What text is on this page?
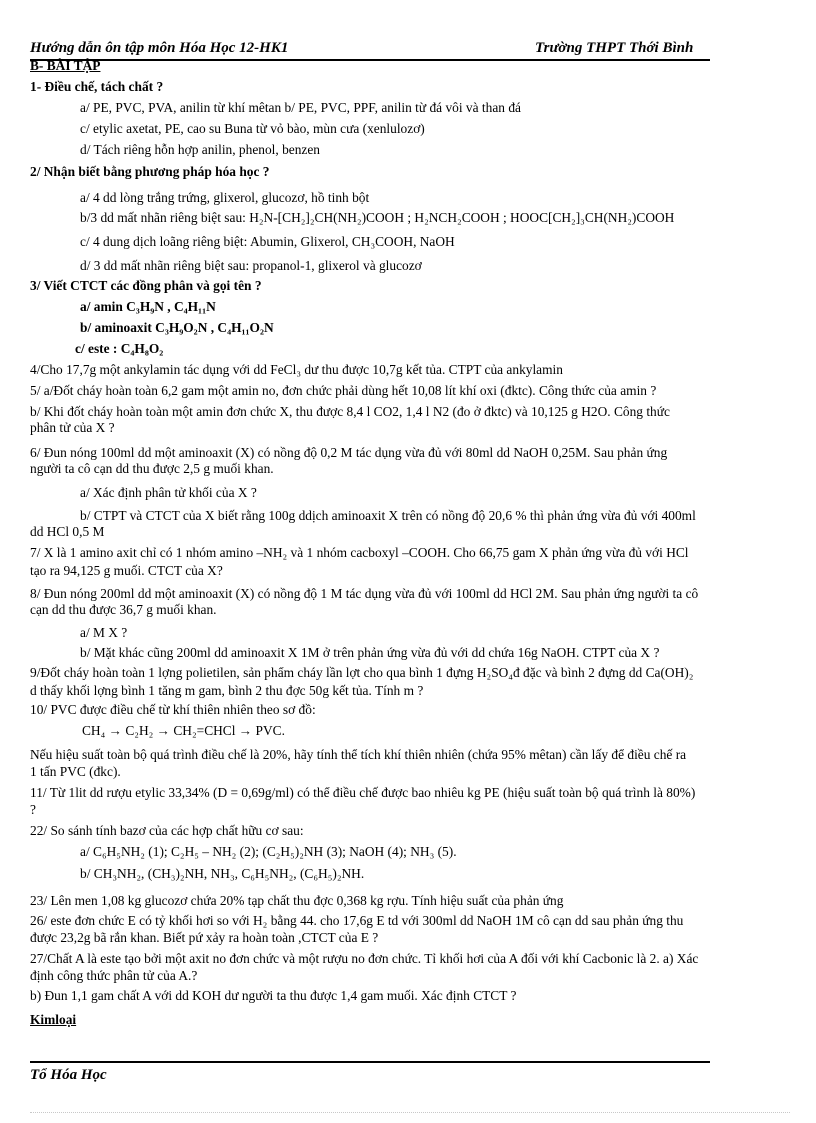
Hướng dẫn ôn tập môn Hóa Học 12-HK1	Trường THPT Thới Bình
B- BÀI TẬP
1- Điều chế, tách chất ?
a/ PE, PVC, PVA, anilin từ khí mêtan b/ PE, PVC, PPF, anilin từ đá vôi và than đá
c/ etylic axetat, PE, cao su Buna từ vỏ bào, mùn cưa (xenlulozơ)
d/ Tách riêng hỗn hợp anilin, phenol, benzen
2/ Nhận biết bằng phương pháp hóa học ?
a/ 4 dd lòng trắng trứng, glixerol, glucozơ, hồ tinh bột
b/3 dd mất nhãn riêng biệt sau: H₂N-[CH₂]₂CH(NH₂)COOH ; H₂NCH₂COOH ; HOOC[CH₂]₃CH(NH₂)COOH
c/ 4 dung dịch loãng riêng biệt: Abumin, Glixerol, CH₃COOH, NaOH
d/ 3 dd mất nhãn riêng biệt sau: propanol-1, glixerol và glucozơ
3/ Viết CTCT các đồng phân và gọi tên ?
a/ amin C₃H₉N , C₄H₁₁N
b/ aminoaxit C₃H₉O₂N , C₄H₁₁O₂N
c/ este : C₄H₈O₂
4/Cho 17,7g một ankylamin tác dụng với dd FeCl₃ dư thu được 10,7g kết tủa. CTPT của ankylamin
5/ a/Đốt cháy hoàn toàn 6,2 gam một amin no, đơn chức phải dùng hết 10,08 lít khí oxi (đktc). Công thức của amin ?
b/ Khi đốt cháy hoàn toàn một amin đơn chức X, thu được 8,4 l CO2, 1,4 l N2 (đo ở đktc) và 10,125 g H2O. Công thức
phân tử của X ?
6/ Đun nóng 100ml dd một aminoaxit (X) có nồng độ 0,2 M tác dụng vừa đủ với 80ml dd NaOH 0,25M. Sau phản ứng
người ta cô cạn dd thu được 2,5 g muối khan.
a/ Xác định phân tử khối của X ?
b/ CTPT và CTCT của X biết rằng 100g ddịch aminoaxit X trên có nồng độ 20,6 % thì phản ứng vừa đủ với 400ml
dd HCl 0,5 M
7/ X là 1 amino axit chỉ có 1 nhóm amino –NH₂ và 1 nhóm cacboxyl –COOH. Cho 66,75 gam X phản ứng vừa đủ với HCl
tạo ra 94,125 g muối. CTCT của X?
8/ Đun nóng 200ml dd một aminoaxit (X) có nồng độ 1 M tác dụng vừa đủ với 100ml dd HCl 2M. Sau phản ứng người ta cô
cạn dd thu được 36,7 g muối khan.
a/ M X ?
b/ Mặt khác cũng 200ml dd aminoaxit X 1M ở trên phản ứng vừa đủ với dd chứa 16g NaOH. CTPT của X ?
9/Đốt cháy hoàn toàn 1 lợng polietilen, sản phẩm cháy lần lợt cho qua bình 1 đựng H₂SO₄đ đặc và bình 2 đựng dd Ca(OH)₂
d thấy khối lợng bình 1 tăng m gam, bình 2 thu đợc 50g kết tủa. Tính m ?
10/ PVC được điều chế từ khí thiên nhiên theo sơ đồ:
CH₄ → C₂H₂ → CH₂=CHCl → PVC.
Nếu hiệu suất toàn bộ quá trình điều chế là 20%, hãy tính thể tích khí thiên nhiên (chứa 95% mêtan) cần lấy để điều chế ra
1 tấn PVC (đkc).
11/ Từ 1lit dd rượu etylic 33,34% (D = 0,69g/ml) có thể điều chế được bao nhiêu kg PE (hiệu suất toàn bộ quá trình là 80%)
?
22/ So sánh tính bazơ của các hợp chất hữu cơ sau:
a/ C₆H₅NH₂ (1); C₂H₅ – NH₂ (2); (C₂H₅)₂NH (3); NaOH (4); NH₃ (5).
b/ CH₃NH₂, (CH₃)₂NH, NH₃, C₆H₅NH₂, (C₆H₅)₂NH.
23/ Lên men 1,08 kg glucozơ chứa 20% tạp chất thu đợc 0,368 kg rợu. Tính hiệu suất của phản ứng
26/ este đơn chức E có tỷ khối hơi so với H₂ bằng 44. cho 17,6g E td với 300ml dd NaOH 1M cô cạn dd sau phản ứng thu
được 23,2g bã rắn khan. Biết pứ xảy ra hoàn toàn ,CTCT của E ?
27/Chất A là este tạo bởi một axit no đơn chức và một rượu no đơn chức. Tỉ khối hơi của A đối với khí Cacbonic là 2. a) Xác
định công thức phân tử của A.?
b) Đun 1,1 gam chất A với dd KOH dư người ta thu được 1,4 gam muối. Xác định CTCT ?
Kimloại
Tổ Hóa Học
